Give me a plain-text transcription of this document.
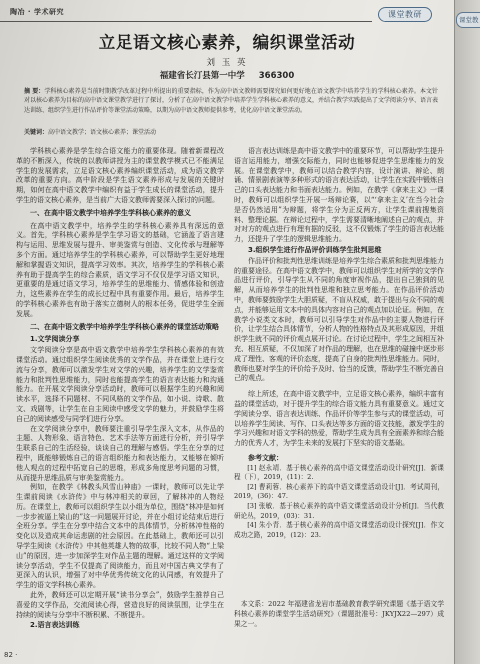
陶冶 · 学术研究	课堂教研
立足语文核心素养，编织课堂活动
刘 玉 英
福建省长汀县第一中学 366300
摘 要：学科核心素养是当前时期教学改革过程中所提出的重要指标，作为高中语文教师需要探究如何更好地在语文教学中培养学生的学科核心素养。本文针对以核心素养为目标的高中语文课堂教学进行了探讨，分析了在高中语文教学中培养学生学科核心素养的意义，并结合教学实践提出了文学阅读分享、语言表达训练、组织学生进行作品评价等课堂活动策略，以期为高中语文教师提供参考，优化高中语文课堂活动。
关键词：高中语文教学；语文核心素养；课堂活动

学科核心素养是学生综合语文能力的重要体现。随着新课程改革的不断深入，传统的以教师讲授为主的课堂教学模式已不能满足学生的发展需求，立足语文核心素养编织课堂活动，成为语文教学改革的重要方向。高中阶段是学生语文素养形成与发展的关键时期，如何在高中语文教学中编织有益于学生成长的课堂活动，提升学生的语文核心素养，是当前广大语文教师需要深入探讨的问题。

一、在高中语文教学中培养学生学科核心素养的意义

在高中语文教学中，培养学生的学科核心素养具有深远的意义。首先，学科核心素养是学生学习语文的基础，它涵盖了语言建构与运用、思维发展与提升、审美鉴赏与创造、文化传承与理解等多个方面。通过培养学生的学科核心素养，可以帮助学生更好地理解和掌握语文知识，提高学习效率。其次，培养学生的学科核心素养有助于提高学生的综合素质，语文学习不仅仅是学习语文知识，更重要的是通过语文学习，培养学生的思维能力、情感体验和创造力，这些素养在学生的成长过程中具有重要作用。最后，培养学生的学科核心素养也有助于落实立德树人的根本任务，促进学生全面发展。

二、在高中语文教学中培养学生学科核心素养的课堂活动策略
1.文学阅读分享

文学阅读分享是高中语文教学中培养学生学科核心素养的有效课堂活动。通过组织学生阅读优秀的文学作品，并在课堂上进行交流与分享，教师可以激发学生对文学的兴趣，培养学生的文学鉴赏能力和批判性思维能力，同时也能提高学生的语言表达能力和沟通能力。在开展文学阅读分享活动时，教师可以根据学生的兴趣和阅读水平，选择不同题材、不同风格的文学作品，如小说、诗歌、散文、戏剧等，让学生在自主阅读中感受文学的魅力，并鼓励学生将自己的阅读感受与同学们进行分享。

在文学阅读分享中，教师要注重引导学生深入文本，从作品的主题、人物形象、语言特色、艺术手法等方面进行分析，并引导学生联系自己的生活经验，谈谈自己的理解与感悟。学生在分享的过程中，既能够锻炼自己的语言组织能力和表达能力，又能够在倾听他人观点的过程中拓宽自己的思维，形成多角度思考问题的习惯，从而提升思维品质与审美鉴赏能力。

例如，在教学《林教头风雪山神庙》一课时，教师可以先让学生课前阅读《水浒传》中与林冲相关的章回，了解林冲的人物经历。在课堂上，教师可以组织学生以小组为单位，围绕“林冲是如何一步步被逼上梁山的”这一问题展开讨论，并在小组讨论结束后进行全班分享。学生在分享中结合文本中的具体情节，分析林冲性格的变化以及造成其命运悲剧的社会原因。在此基础上，教师还可以引导学生阅读《水浒传》中其他英雄人物的故事，比较不同人物“上梁山”的原因，进一步加深学生对作品主题的理解。通过这样的文学阅读分享活动，学生不仅提高了阅读能力，而且对中国古典文学有了更深入的认识，增强了对中华优秀传统文化的认同感，有效提升了学生的语文学科核心素养。

此外，教师还可以定期开展“读书分享会”，鼓励学生推荐自己喜爱的文学作品，交流阅读心得，营造良好的阅读氛围，让学生在持续的阅读与分享中不断积累、不断提升。

2.语言表达训练

语言表达训练是高中语文教学中的重要环节，可以帮助学生提升语言运用能力，增强交际能力，同时也能够促进学生思维能力的发展。在课堂教学中，教师可以结合教学内容，设计演讲、辩论、朗诵、情景剧表演等多种形式的语言表达活动，让学生在实践中锻炼自己的口头表达能力和书面表达能力。例如，在教学《拿来主义》一课时，教师可以组织学生开展一场辩论赛，以“‘拿来主义’在当今社会是否仍然适用”为辩题，将学生分为正反两方，让学生课前搜集资料、整理论据。在辩论过程中，学生需要清晰地阐述自己的观点，并对对方的观点进行有理有据的反驳，这不仅锻炼了学生的语言表达能力，还提升了学生的逻辑思维能力。

3.组织学生进行作品评价训练学生批判思维

作品评价和批判性思维训练是培养学生综合素质和批判思维能力的重要途径。在高中语文教学中，教师可以组织学生对所学的文学作品进行评价，引导学生从不同的角度审视作品，提出自己独到的见解，从而培养学生的批判性思维和独立思考能力。在作品评价活动中，教师要鼓励学生大胆质疑，不盲从权威，敢于提出与众不同的观点，并能够运用文本中的具体内容对自己的观点加以论证。例如，在教学小说类文本时，教师可以引导学生对作品中的主要人物进行评价，让学生结合具体情节，分析人物的性格特点及其形成原因，并组织学生就不同的评价观点展开讨论。在讨论过程中，学生之间相互补充、相互质疑，不仅加深了对作品的理解，也在思维的碰撞中逐步形成了理性、客观的评价态度，提高了自身的批判性思维能力。同时，教师也要对学生的评价给予及时、恰当的反馈，帮助学生不断完善自己的观点。

综上所述，在高中语文教学中，立足语文核心素养，编织丰富有益的课堂活动，对于提升学生的综合语文能力具有重要意义。通过文学阅读分享、语言表达训练、作品评价等学生参与式的课堂活动，可以培养学生阅读、写作、口头表达等多方面的语文技能，激发学生的学习兴趣和对语文学科的热爱，帮助学生成为具有全面素养和综合能力的优秀人才，为学生未来的发展打下坚实的语文基础。

参考文献：

[1] 赵永靖．基于核心素养的高中语文课堂活动设计研究[J]．新课程（下），2019，(11)：2.

[2] 曹莉蓉．核心素养下的高中语文课堂活动设计[J]．考试周刊，2019，(36)：47.

[3] 张敏．基于核心素养的高中语文课堂活动设计分析[J]．当代教研论丛，2019，(03)：31.

[4] 朱小青．基于核心素养的高中语文课堂活动设计探究[J]．作文成功之路，2019，(12)：23.

本文系：2022 年福建省龙岩市基础教育教学研究课题《基于语文学科核心素养的课堂学生活动研究》（课题批准号：JKYJX22—297）成果之一。
82 ·
课堂教
